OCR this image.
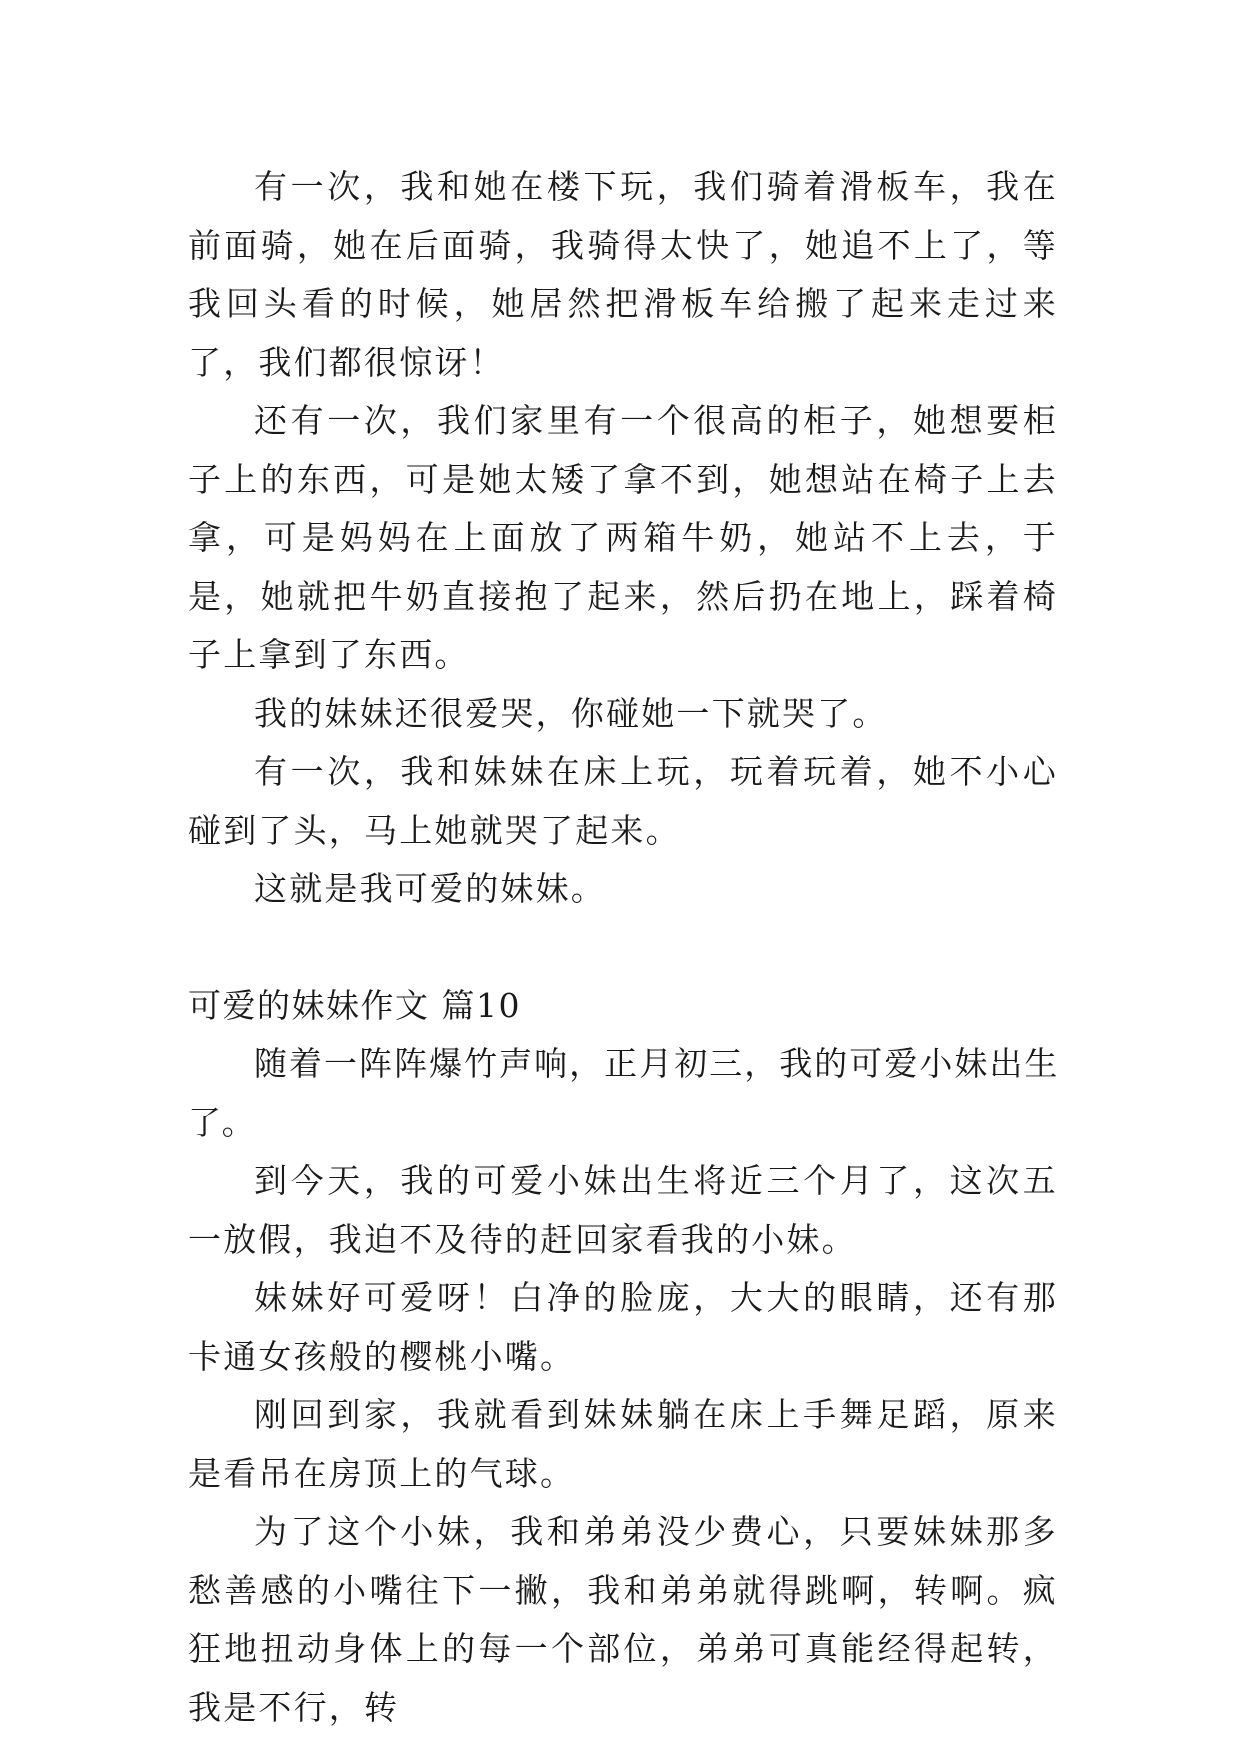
有一次，我和她在楼下玩，我们骑着滑板车，我在前面骑，她在后面骑，我骑得太快了，她追不上了，等我回头看的时候，她居然把滑板车给搬了起来走过来了，我们都很惊讶！

还有一次，我们家里有一个很高的柜子，她想要柜子上的东西，可是她太矮了拿不到，她想站在椅子上去拿，可是妈妈在上面放了两箱牛奶，她站不上去，于是，她就把牛奶直接抱了起来，然后扔在地上，踩着椅子上拿到了东西。

我的妹妹还很爱哭，你碰她一下就哭了。

有一次，我和妹妹在床上玩，玩着玩着，她不小心碰到了头，马上她就哭了起来。

这就是我可爱的妹妹。

可爱的妹妹作文 篇10

随着一阵阵爆竹声响，正月初三，我的可爱小妹出生了。

到今天，我的可爱小妹出生将近三个月了，这次五一放假，我迫不及待的赶回家看我的小妹。

妹妹好可爱呀！白净的脸庞，大大的眼睛，还有那卡通女孩般的樱桃小嘴。

刚回到家，我就看到妹妹躺在床上手舞足蹈，原来是看吊在房顶上的气球。

为了这个小妹，我和弟弟没少费心，只要妹妹那多愁善感的小嘴往下一撇，我和弟弟就得跳啊，转啊。疯狂地扭动身体上的每一个部位，弟弟可真能经得起转，我是不行，转
